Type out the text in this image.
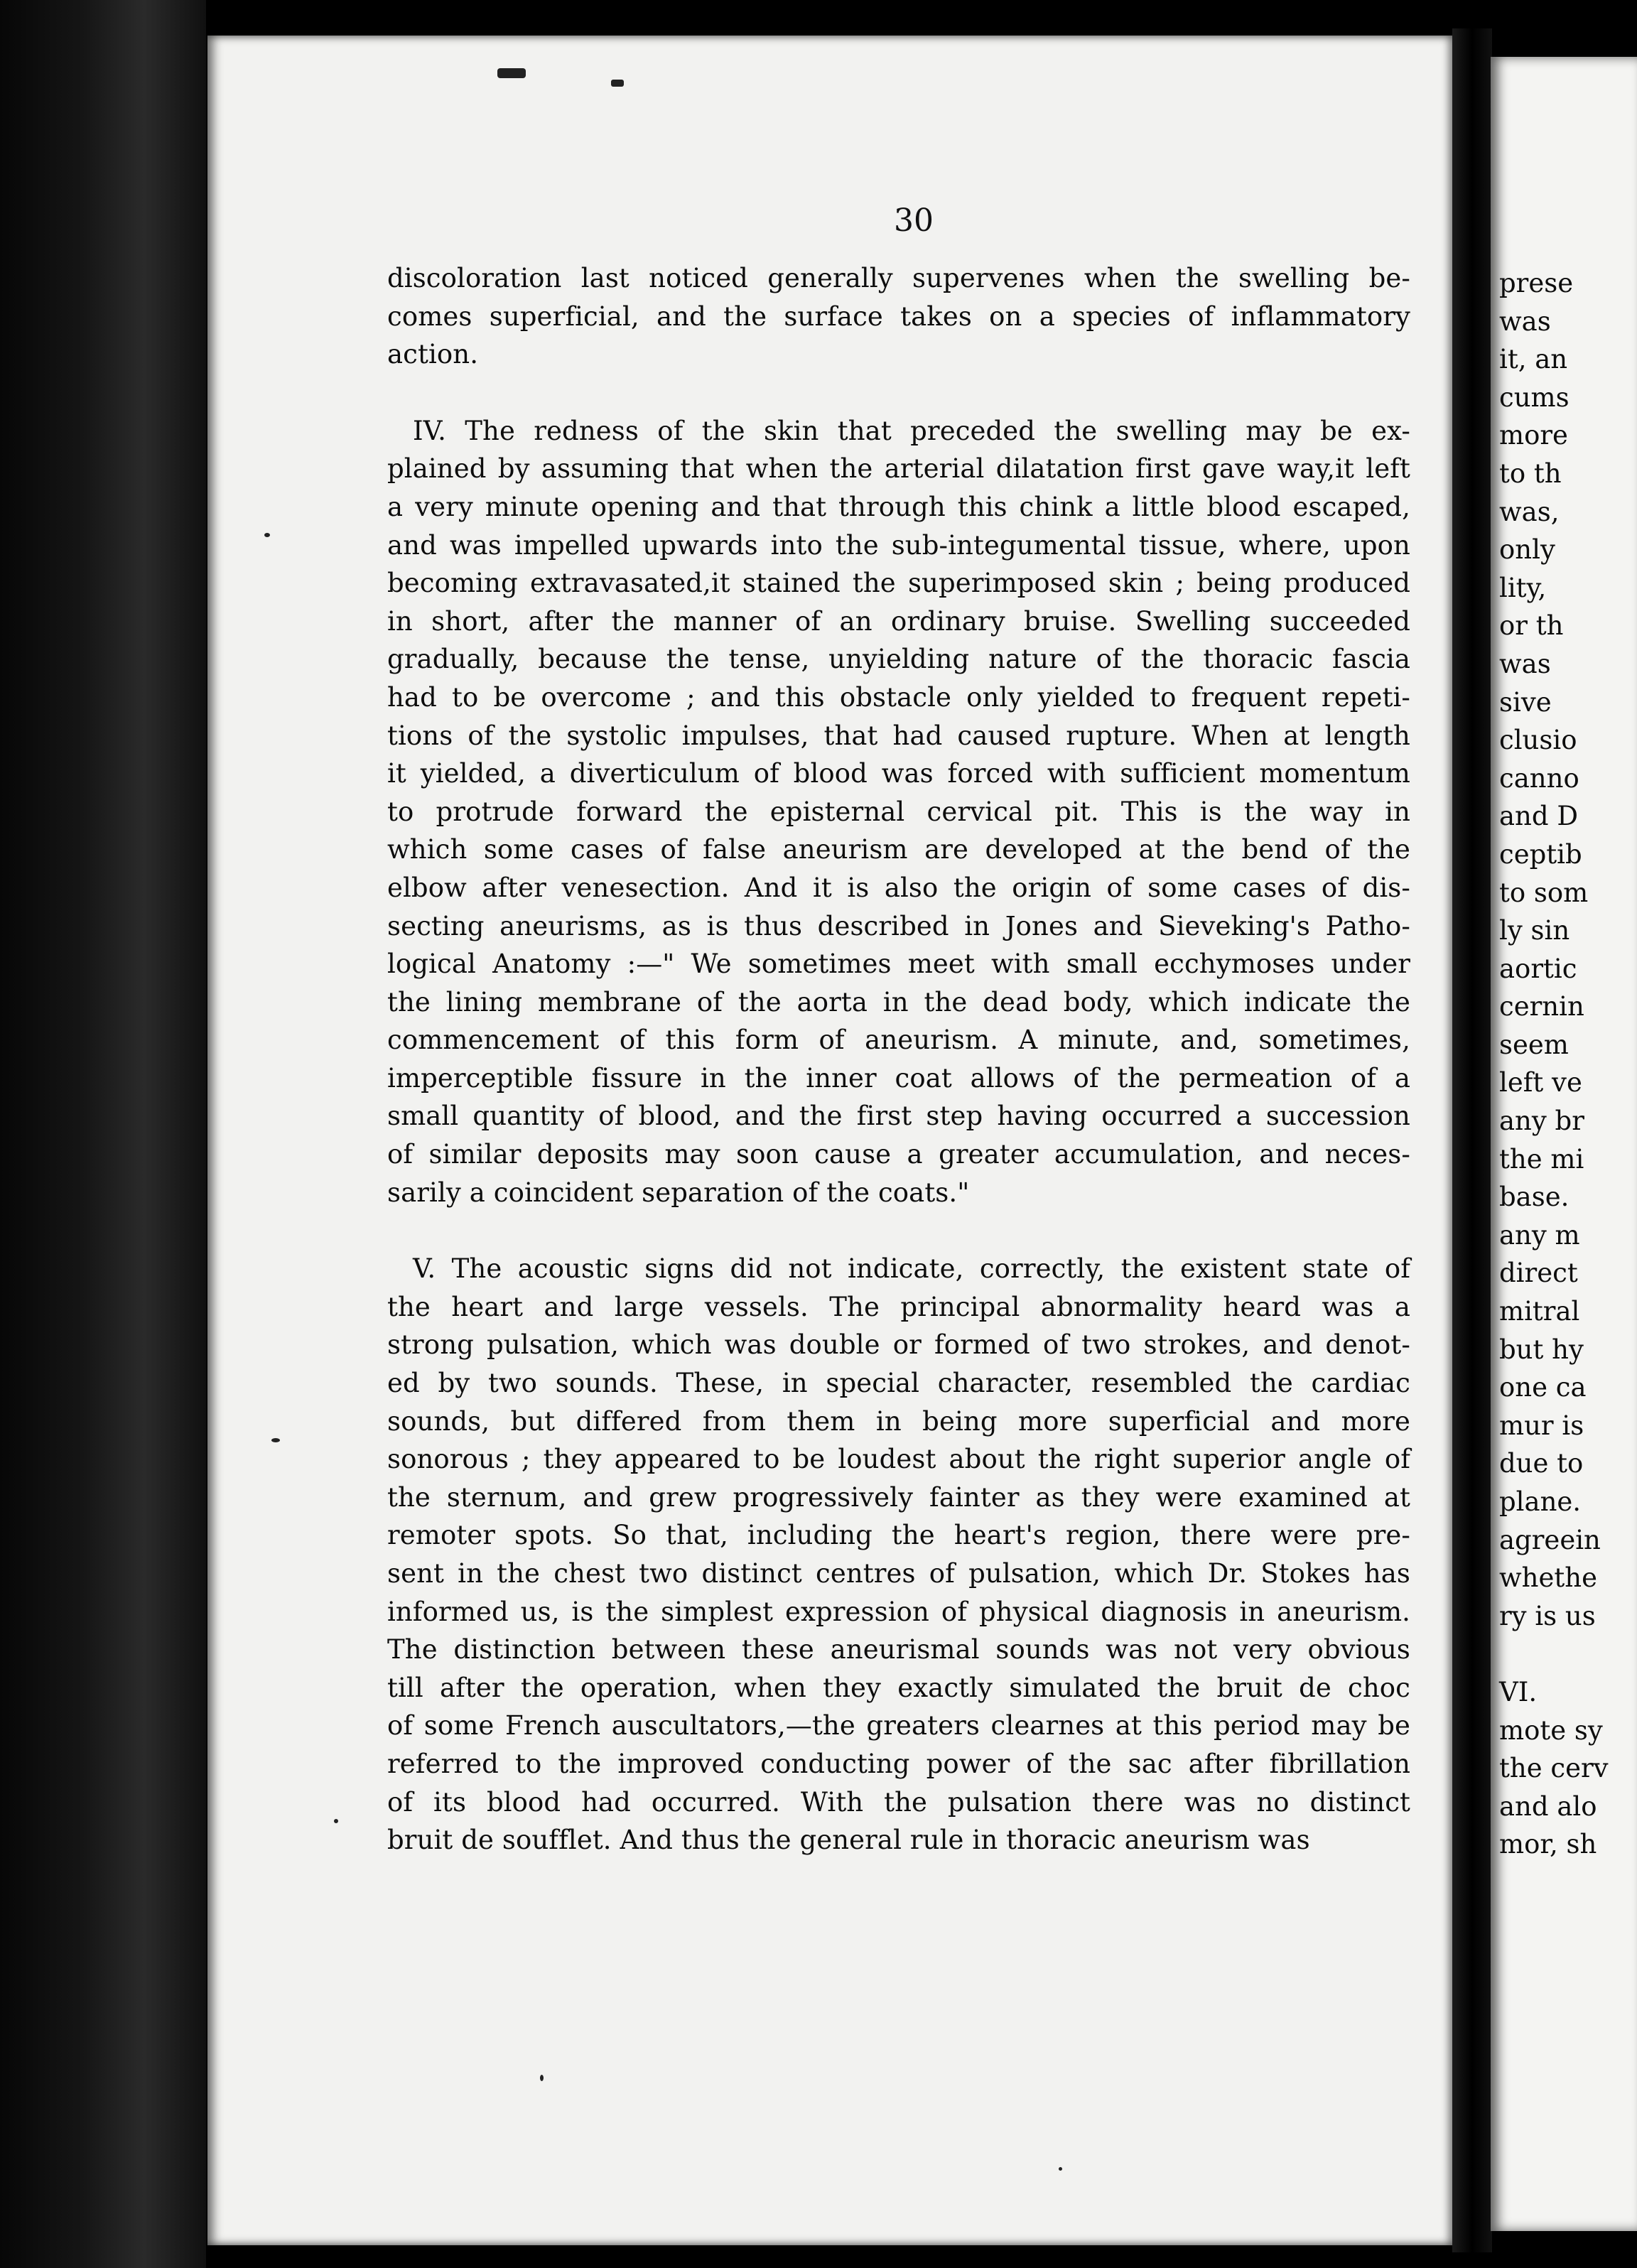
30

discoloration last noticed generally supervenes when the swelling be-
comes superficial, and the surface takes on a species of inflammatory
action.

IV. The redness of the skin that preceded the swelling may be ex-
plained by assuming that when the arterial dilatation first gave way,it left
a very minute opening and that through this chink a little blood escaped,
and was impelled upwards into the sub-integumental tissue, where, upon
becoming extravasated,it stained the superimposed skin ; being produced
in short, after the manner of an ordinary bruise. Swelling succeeded
gradually, because the tense, unyielding nature of the thoracic fascia
had to be overcome ; and this obstacle only yielded to frequent repeti-
tions of the systolic impulses, that had caused rupture. When at length
it yielded, a diverticulum of blood was forced with sufficient momentum
to protrude forward the episternal cervical pit. This is the way in
which some cases of false aneurism are developed at the bend of the
elbow after venesection. And it is also the origin of some cases of dis-
secting aneurisms, as is thus described in Jones and Sieveking's Patho-
logical Anatomy :—" We sometimes meet with small ecchymoses under
the lining membrane of the aorta in the dead body, which indicate the
commencement of this form of aneurism. A minute, and, sometimes,
imperceptible fissure in the inner coat allows of the permeation of a
small quantity of blood, and the first step having occurred a succession
of similar deposits may soon cause a greater accumulation, and neces-
sarily a coincident separation of the coats."

V. The acoustic signs did not indicate, correctly, the existent state of
the heart and large vessels. The principal abnormality heard was a
strong pulsation, which was double or formed of two strokes, and denot-
ed by two sounds. These, in special character, resembled the cardiac
sounds, but differed from them in being more superficial and more
sonorous ; they appeared to be loudest about the right superior angle of
the sternum, and grew progressively fainter as they were examined at
remoter spots. So that, including the heart's region, there were pre-
sent in the chest two distinct centres of pulsation, which Dr. Stokes has
informed us, is the simplest expression of physical diagnosis in aneurism.
The distinction between these aneurismal sounds was not very obvious
till after the operation, when they exactly simulated the bruit de choc
of some French auscultators,—the greaters clearnes at this period may be
referred to the improved conducting power of the sac after fibrillation
of its blood had occurred. With the pulsation there was no distinct
bruit de soufflet. And thus the general rule in thoracic aneurism was

prese
was
it, an
cums
more
to th
was,
only
lity,
or th
was
sive
clusio
canno
and D
ceptib
to som
ly sin
aortic
cernin
seem
left ve
any br
the mi
base.
any m
direct
mitral
but hy
one ca
mur is
due to
plane.
agreein
whethe
ry is us
VI.
mote sy
the cerv
and alo
mor, sh
